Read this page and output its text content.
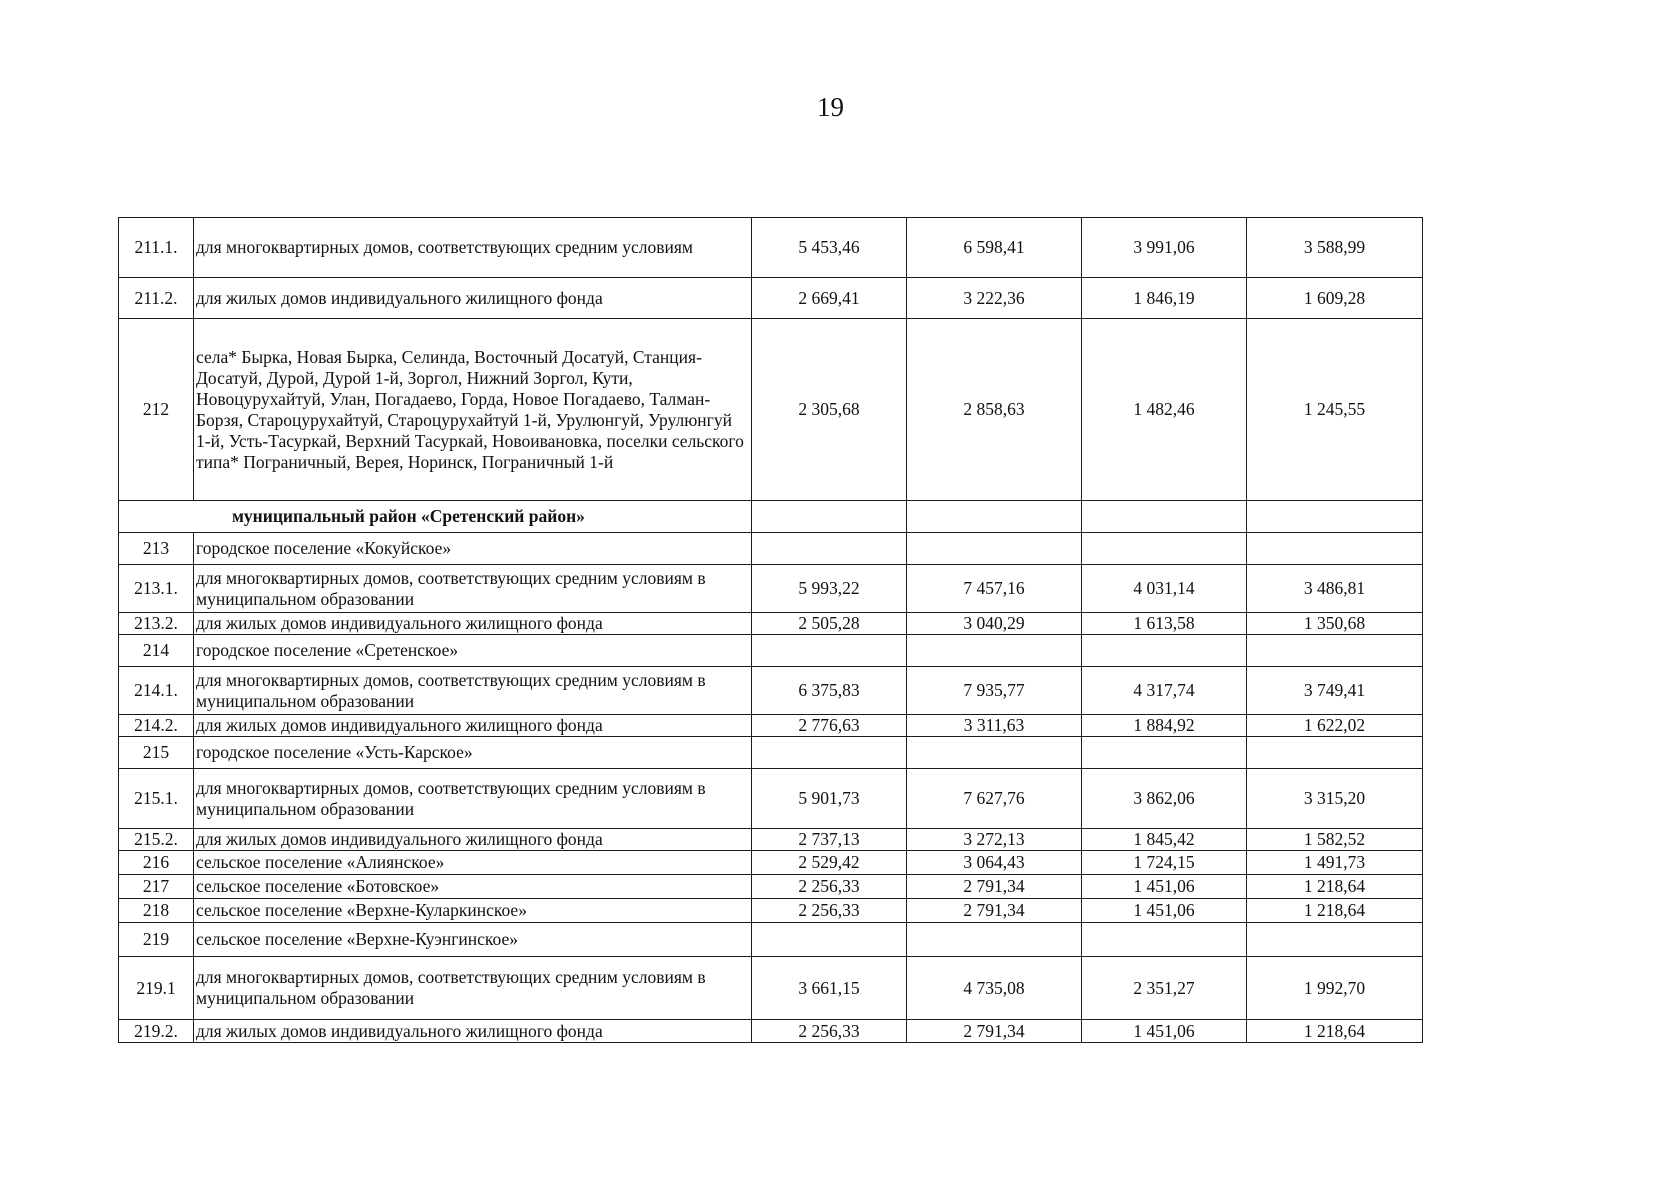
19
211.1.	для многоквартирных домов, соответствующих средним условиям	5 453,46	6 598,41	3 991,06	3 588,99
211.2.	для жилых домов индивидуального жилищного фонда	2 669,41	3 222,36	1 846,19	1 609,28
212	села* Бырка, Новая Бырка, Селинда, Восточный Досатуй, Станция-Досатуй, Дурой, Дурой 1-й, Зоргол, Нижний Зоргол, Кути, Новоцурухайтуй, Улан, Погадаево, Горда, Новое Погадаево, Талман-Борзя, Староцурухайтуй, Староцурухайтуй 1-й, Урулюнгуй, Урулюнгуй 1-й, Усть-Тасуркай, Верхний Тасуркай, Новоивановка, поселки сельского типа* Пограничный, Верея, Норинск, Пограничный 1-й	2 305,68	2 858,63	1 482,46	1 245,55
муниципальный район «Сретенский район»					
213	городское поселение «Кокуйское»				
213.1.	для многоквартирных домов, соответствующих средним условиям в муниципальном образовании	5 993,22	7 457,16	4 031,14	3 486,81
213.2.	для жилых домов индивидуального жилищного фонда	2 505,28	3 040,29	1 613,58	1 350,68
214	городское поселение «Сретенское»				
214.1.	для многоквартирных домов, соответствующих средним условиям в муниципальном образовании	6 375,83	7 935,77	4 317,74	3 749,41
214.2.	для жилых домов индивидуального жилищного фонда	2 776,63	3 311,63	1 884,92	1 622,02
215	городское поселение «Усть-Карское»				
215.1.	для многоквартирных домов, соответствующих средним условиям в муниципальном образовании	5 901,73	7 627,76	3 862,06	3 315,20
215.2.	для жилых домов индивидуального жилищного фонда	2 737,13	3 272,13	1 845,42	1 582,52
216	сельское поселение «Алиянское»	2 529,42	3 064,43	1 724,15	1 491,73
217	сельское поселение «Ботовское»	2 256,33	2 791,34	1 451,06	1 218,64
218	сельское поселение «Верхне-Куларкинское»	2 256,33	2 791,34	1 451,06	1 218,64
219	сельское поселение «Верхне-Куэнгинское»				
219.1	для многоквартирных домов, соответствующих средним условиям в муниципальном образовании	3 661,15	4 735,08	2 351,27	1 992,70
219.2.	для жилых домов индивидуального жилищного фонда	2 256,33	2 791,34	1 451,06	1 218,64
